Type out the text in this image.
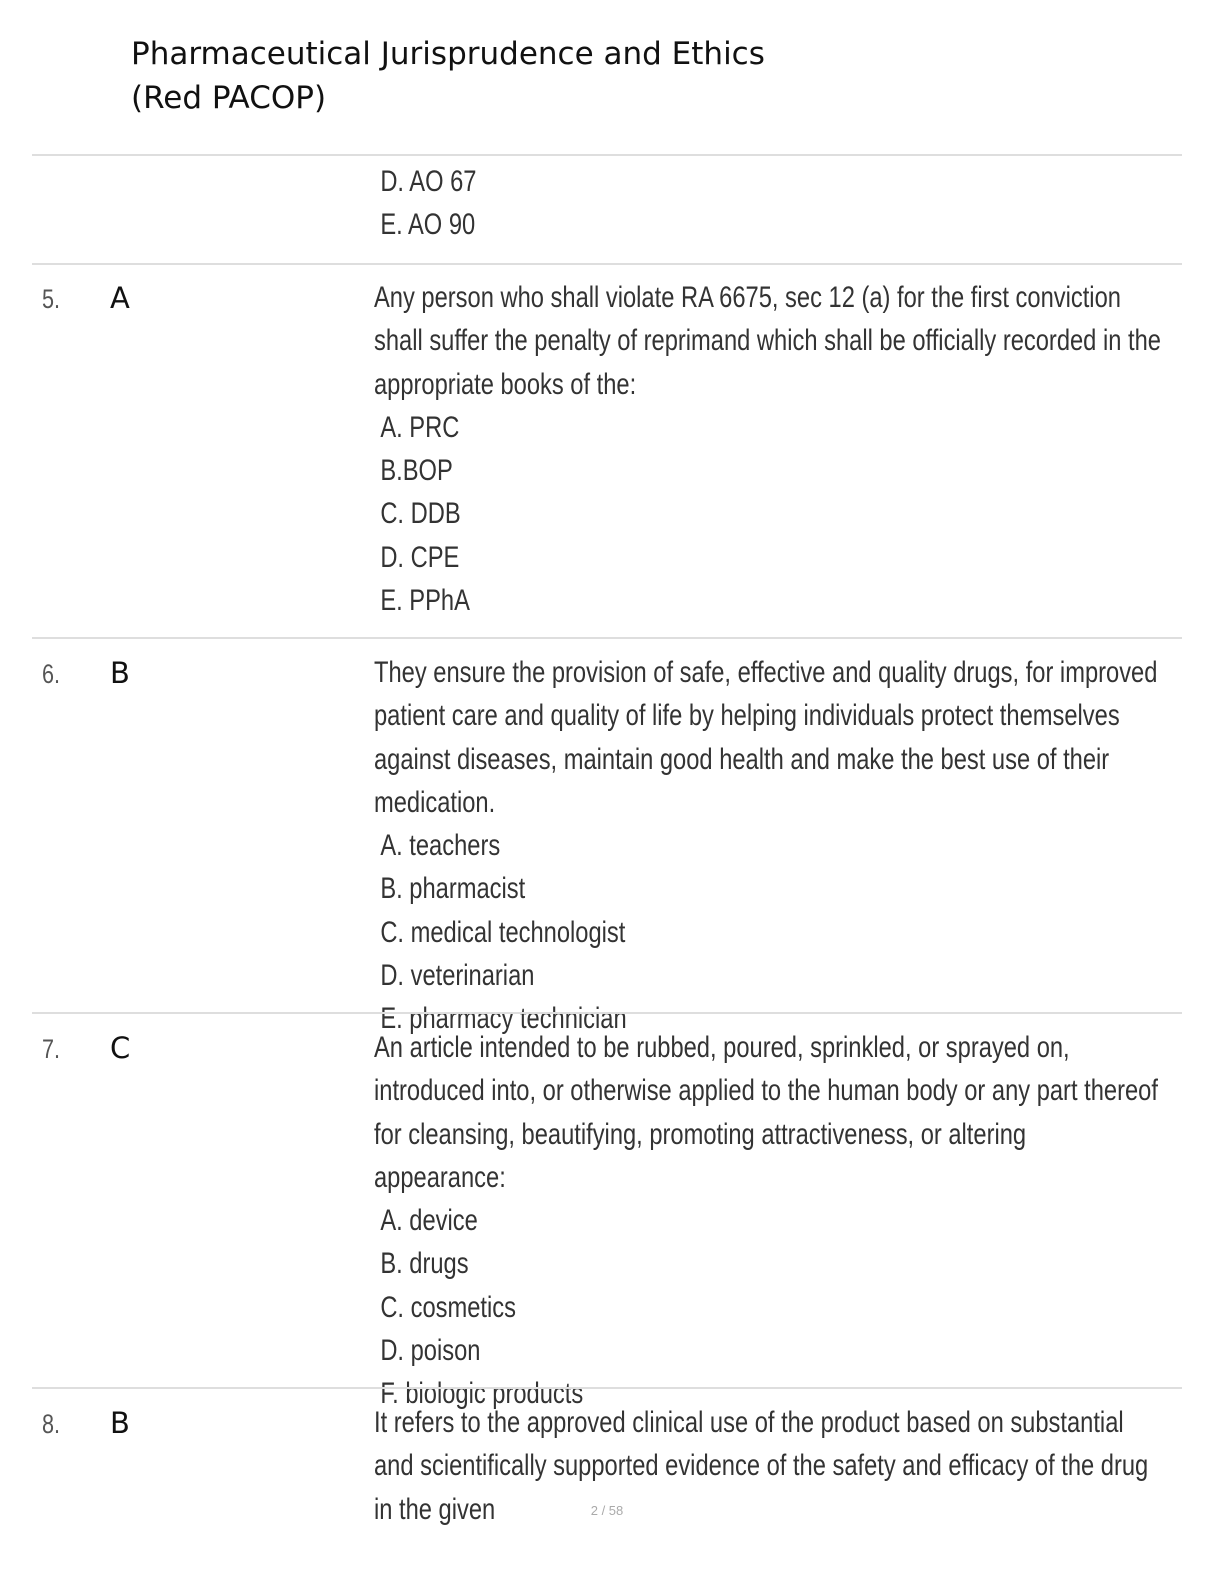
Pharmaceutical Jurisprudence and Ethics
(Red PACOP)
D. AO 67
E. AO 90
5. A	Any person who shall violate RA 6675, sec 12 (a) for the first conviction shall suffer the penalty of reprimand which shall be officially recorded in the appropriate books of the:
A. PRC
B.BOP
C. DDB
D. CPE
E. PPhA
6. B	They ensure the provision of safe, effective and quality drugs, for improved patient care and quality of life by helping individuals protect themselves against diseases, maintain good health and make the best use of their medication.
A. teachers
B. pharmacist
C. medical technologist
D. veterinarian
E. pharmacy technician
7. C	An article intended to be rubbed, poured, sprinkled, or sprayed on, introduced into, or otherwise applied to the human body or any part thereof for cleansing, beautifying, promoting attractiveness, or altering appearance:
A. device
B. drugs
C. cosmetics
D. poison
F. biologic products
8. B	It refers to the approved clinical use of the product based on substantial and scientifically supported evidence of the safety and efficacy of the drug in the given	2 / 58
